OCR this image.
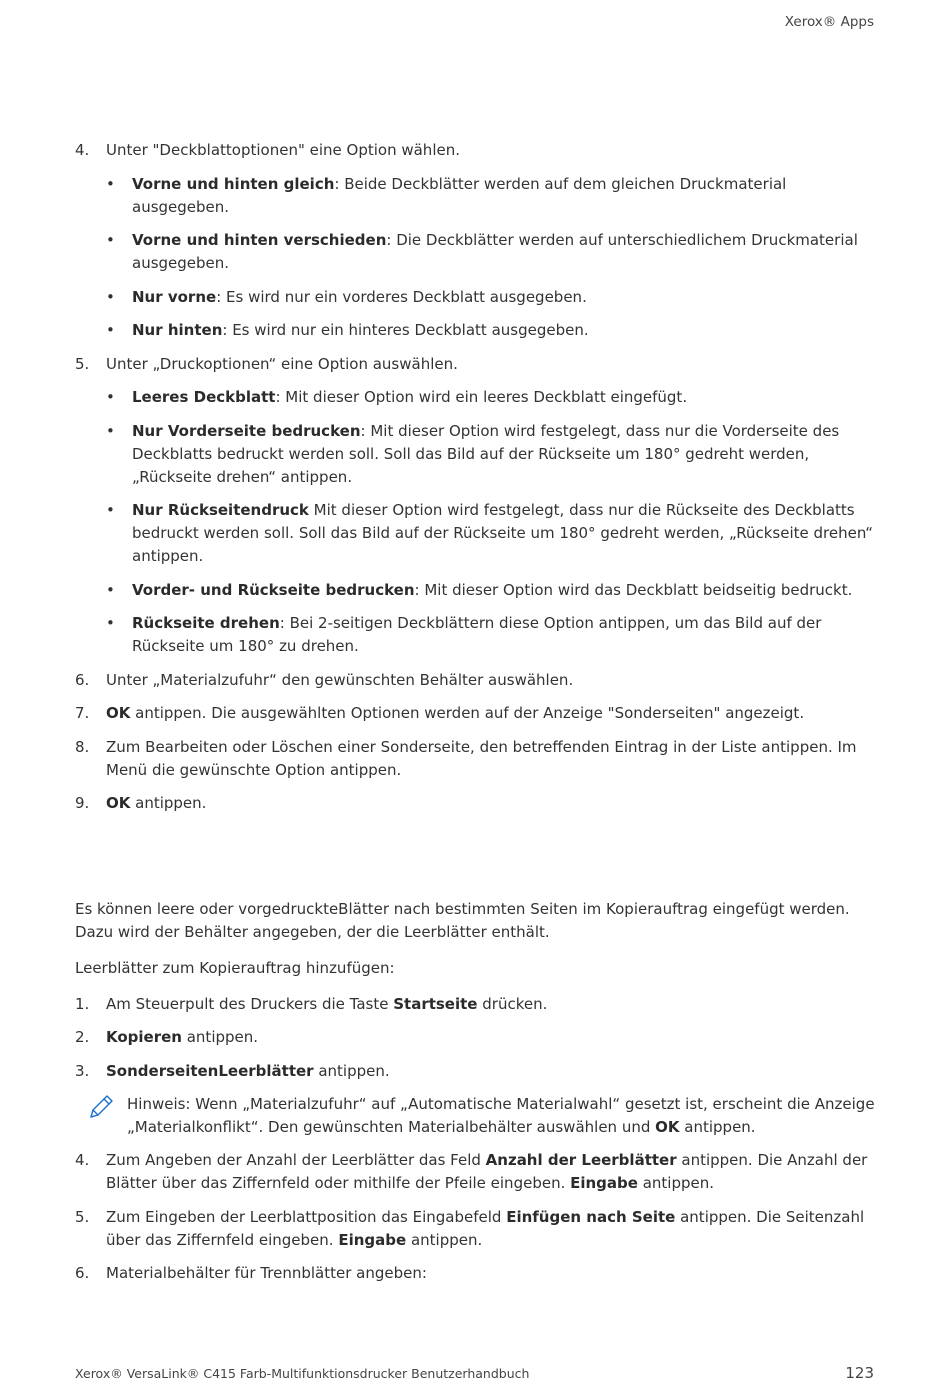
Xerox® Apps
4. Unter "Deckblattoptionen" eine Option wählen.
• Vorne und hinten gleich: Beide Deckblätter werden auf dem gleichen Druckmaterial ausgegeben.
• Vorne und hinten verschieden: Die Deckblätter werden auf unterschiedlichem Druckmaterial ausgegeben.
• Nur vorne: Es wird nur ein vorderes Deckblatt ausgegeben.
• Nur hinten: Es wird nur ein hinteres Deckblatt ausgegeben.
5. Unter „Druckoptionen“ eine Option auswählen.
• Leeres Deckblatt: Mit dieser Option wird ein leeres Deckblatt eingefügt.
• Nur Vorderseite bedrucken: Mit dieser Option wird festgelegt, dass nur die Vorderseite des Deckblatts bedruckt werden soll. Soll das Bild auf der Rückseite um 180° gedreht werden, „Rückseite drehen“ antippen.
• Nur Rückseitendruck Mit dieser Option wird festgelegt, dass nur die Rückseite des Deckblatts bedruckt werden soll. Soll das Bild auf der Rückseite um 180° gedreht werden, „Rückseite drehen“ antippen.
• Vorder- und Rückseite bedrucken: Mit dieser Option wird das Deckblatt beidseitig bedruckt.
• Rückseite drehen: Bei 2-seitigen Deckblättern diese Option antippen, um das Bild auf der Rückseite um 180° zu drehen.
6. Unter „Materialzufuhr“ den gewünschten Behälter auswählen.
7. OK antippen. Die ausgewählten Optionen werden auf der Anzeige "Sonderseiten" angezeigt.
8. Zum Bearbeiten oder Löschen einer Sonderseite, den betreffenden Eintrag in der Liste antippen. Im Menü die gewünschte Option antippen.
9. OK antippen.

Es können leere oder vorgedruckteBlätter nach bestimmten Seiten im Kopierauftrag eingefügt werden. Dazu wird der Behälter angegeben, der die Leerblätter enthält.

Leerblätter zum Kopierauftrag hinzufügen:

1. Am Steuerpult des Druckers die Taste Startseite drücken.
2. Kopieren antippen.
3. SonderseitenLeerblätter antippen.
Hinweis: Wenn „Materialzufuhr“ auf „Automatische Materialwahl“ gesetzt ist, erscheint die Anzeige „Materialkonflikt“. Den gewünschten Materialbehälter auswählen und OK antippen.
4. Zum Angeben der Anzahl der Leerblätter das Feld Anzahl der Leerblätter antippen. Die Anzahl der Blätter über das Ziffernfeld oder mithilfe der Pfeile eingeben. Eingabe antippen.
5. Zum Eingeben der Leerblattposition das Eingabefeld Einfügen nach Seite antippen. Die Seitenzahl über das Ziffernfeld eingeben. Eingabe antippen.
6. Materialbehälter für Trennblätter angeben:
Xerox® VersaLink® C415 Farb-Multifunktionsdrucker Benutzerhandbuch	123
